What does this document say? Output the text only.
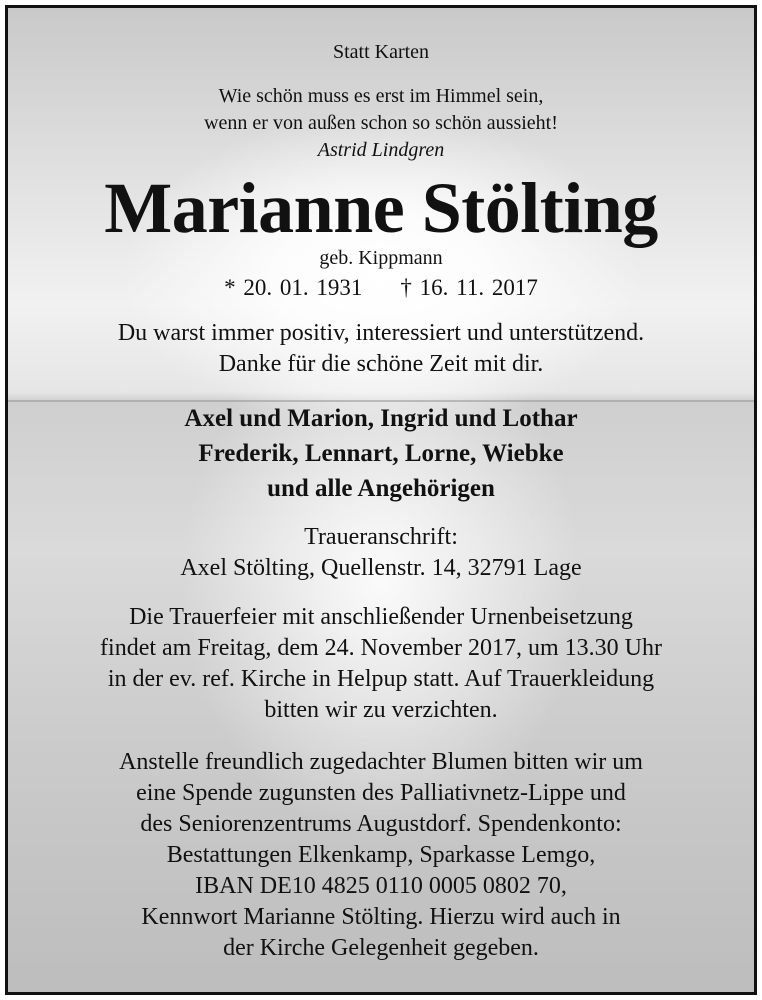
Statt Karten
Wie schön muss es erst im Himmel sein,
wenn er von außen schon so schön aussieht!
Astrid Lindgren
Marianne Stölting
geb. Kippmann
* 20. 01. 1931 † 16. 11. 2017
Du warst immer positiv, interessiert und unterstützend.
Danke für die schöne Zeit mit dir.
Axel und Marion, Ingrid und Lothar
Frederik, Lennart, Lorne, Wiebke
und alle Angehörigen
Traueranschrift:
Axel Stölting, Quellenstr. 14, 32791 Lage
Die Trauerfeier mit anschließender Urnenbeisetzung
findet am Freitag, dem 24. November 2017, um 13.30 Uhr
in der ev. ref. Kirche in Helpup statt. Auf Trauerkleidung
bitten wir zu verzichten.
Anstelle freundlich zugedachter Blumen bitten wir um
eine Spende zugunsten des Palliativnetz-Lippe und
des Seniorenzentrums Augustdorf. Spendenkonto:
Bestattungen Elkenkamp, Sparkasse Lemgo,
IBAN DE10 4825 0110 0005 0802 70,
Kennwort Marianne Stölting. Hierzu wird auch in
der Kirche Gelegenheit gegeben.
